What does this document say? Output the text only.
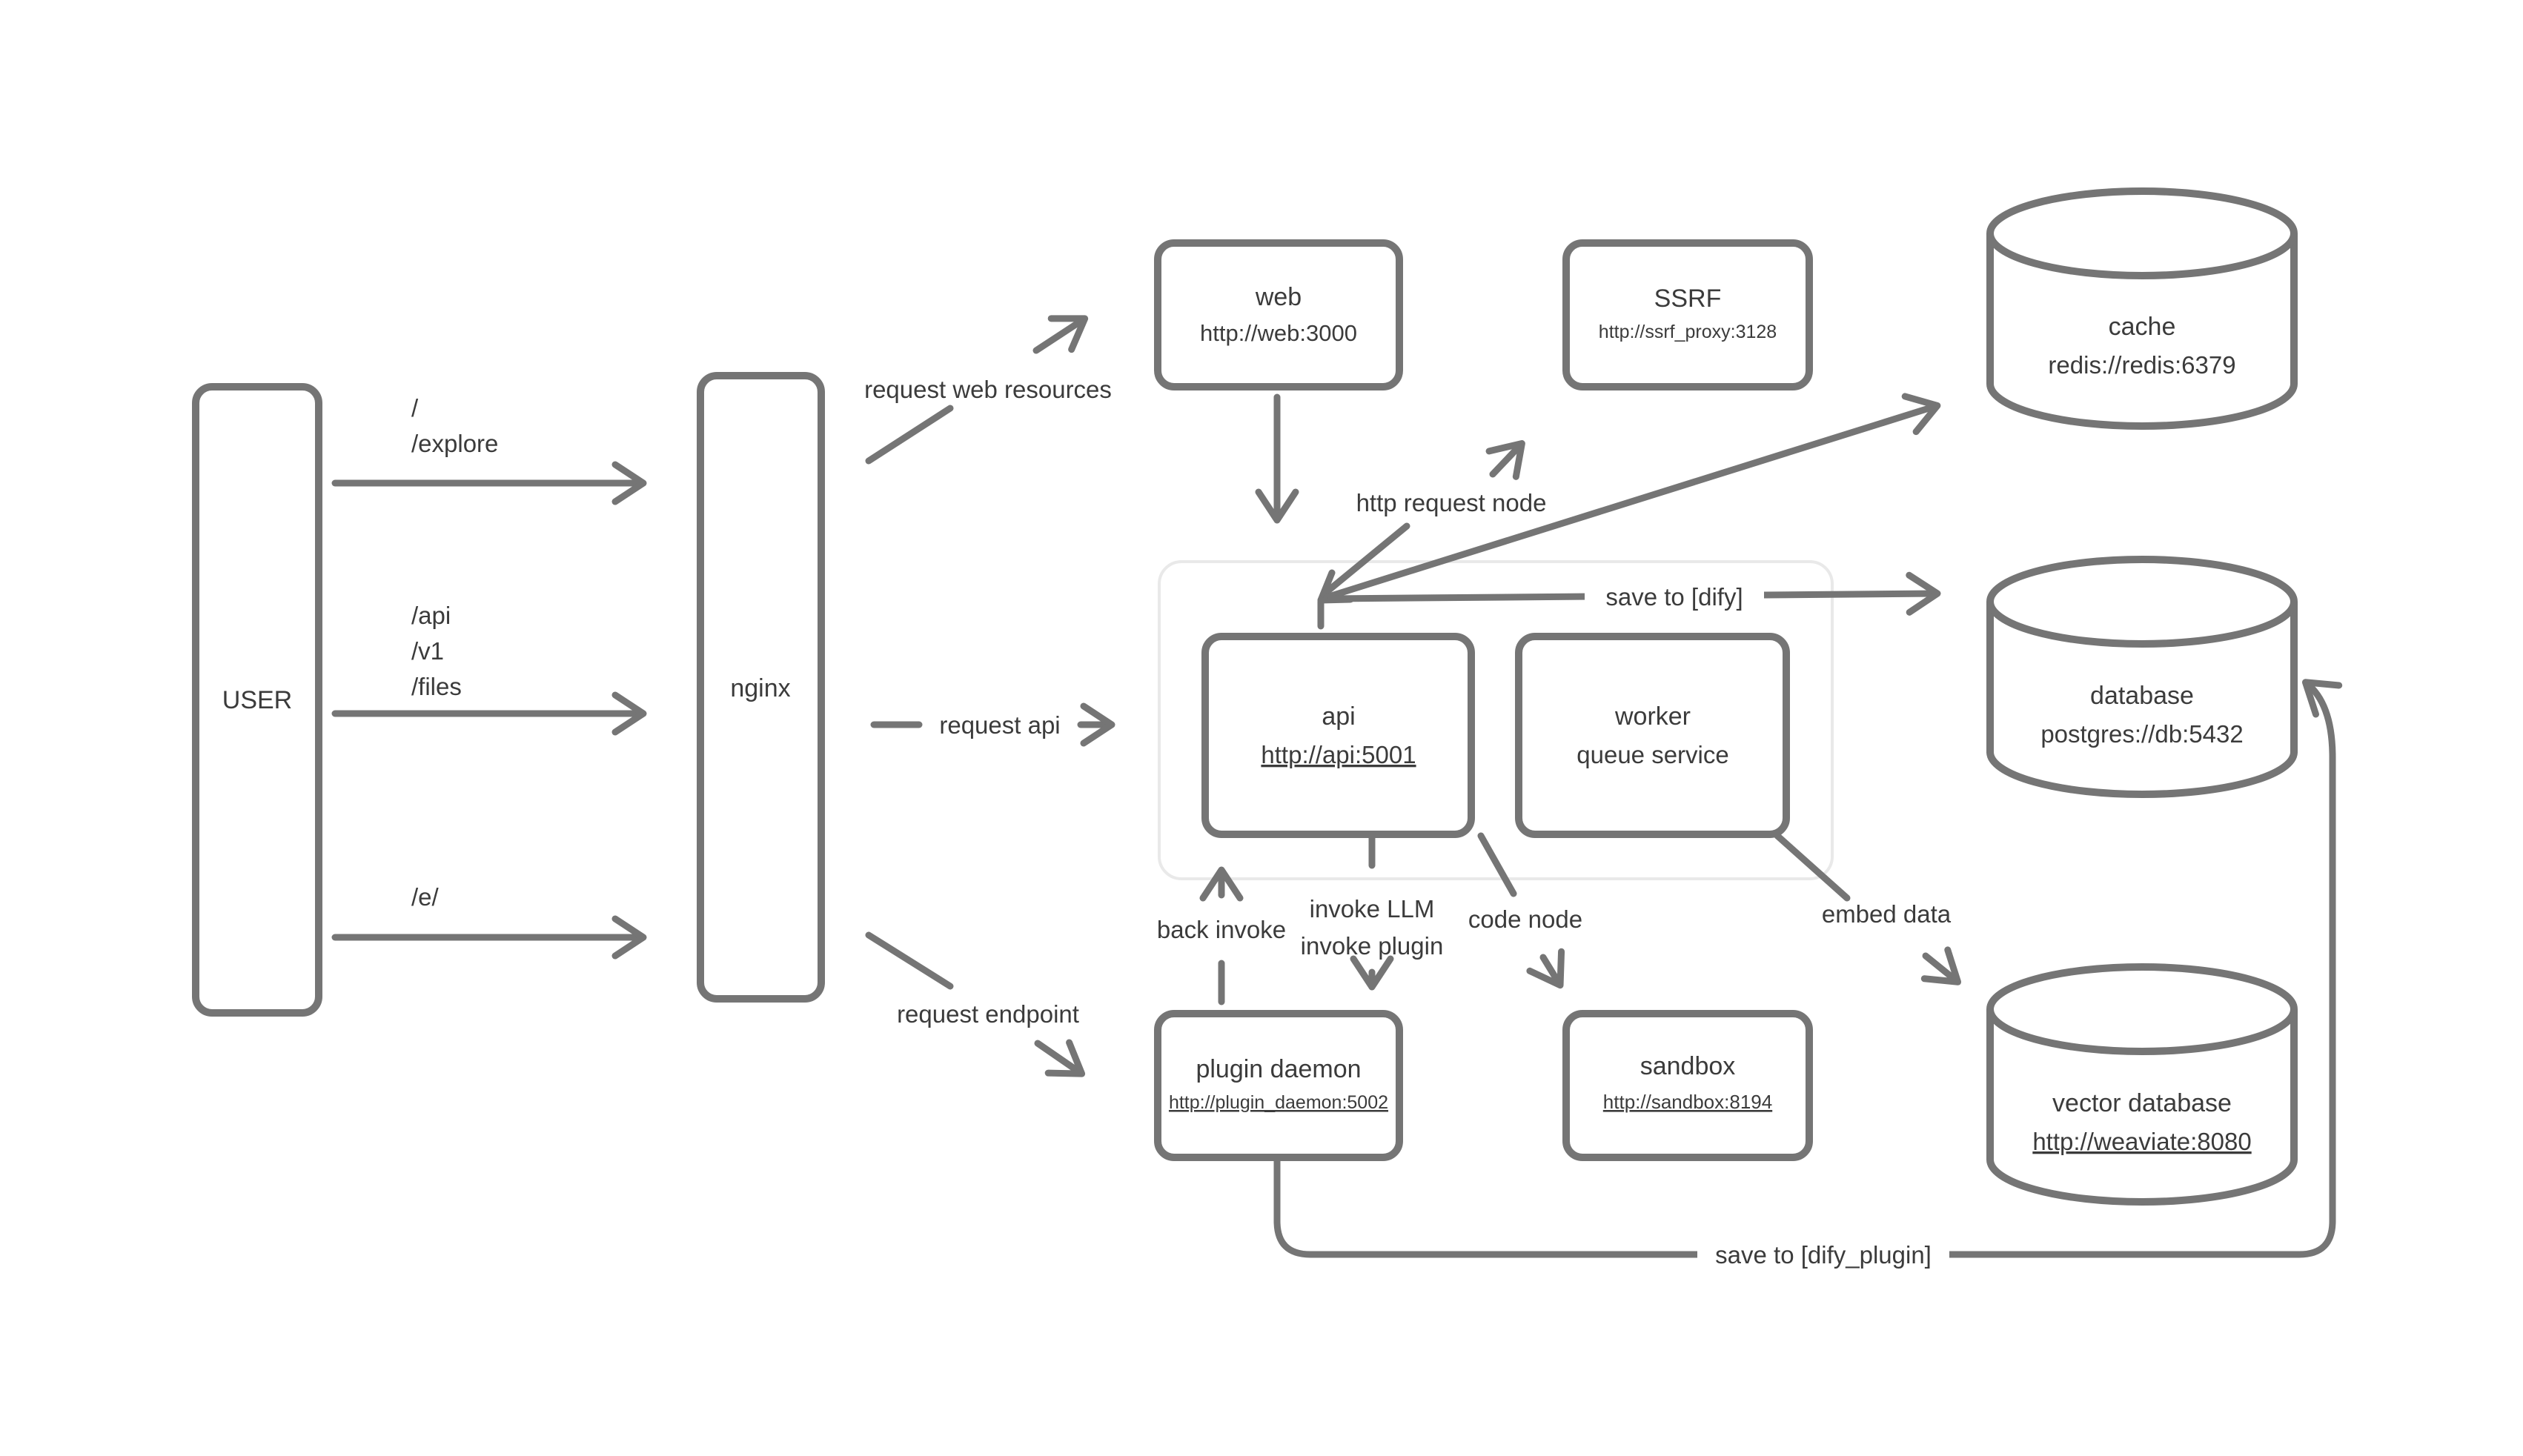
USER	nginx
web
http://web:3000
SSRF
http://ssrf_proxy:3128	cache
redis://redis:6379
api
http://api:5001
worker
queue service
database
postgres://db:5432
plugin daemon
http://plugin_daemon:5002
sandbox
http://sandbox:8194	vector database
http://weaviate:8080
/
/explore
/api
/v1
/files
/e/
request web resources
request api
request endpoint
http request node
save to [dify]
back invoke
invoke LLM
invoke plugin
code node	embed data
save to [dify_plugin]
